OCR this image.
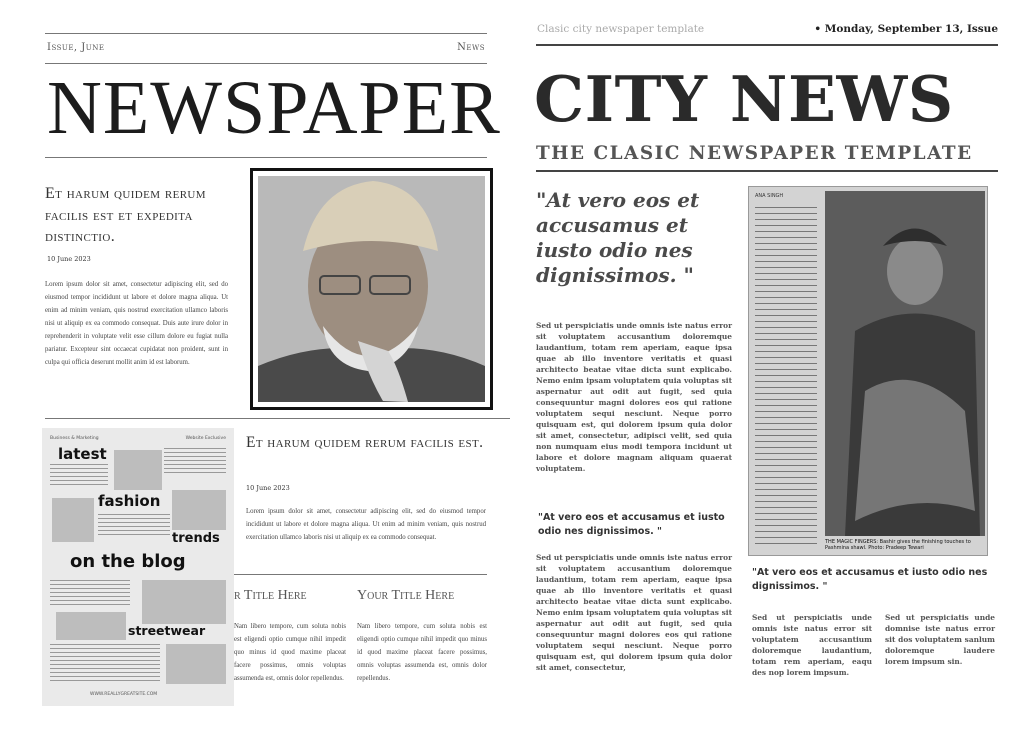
Issue, June	News
NEWSPAPER
Et harum quidem rerum facilis est et expedita distinctio.
10 June 2023
Lorem ipsum dolor sit amet, consectetur adipiscing elit, sed do eiusmod tempor incididunt ut labore et dolore magna aliqua. Ut enim ad minim veniam, quis nostrud exercitation ullamco laboris nisi ut aliquip ex ea commodo consequat. Duis aute irure dolor in reprehenderit in voluptate velit esse cillum dolore eu fugiat nulla pariatur. Excepteur sint occaecat cupidatat non proident, sunt in culpa qui officia deserunt mollit anim id est laborum.
Business & Marketing	Website Exclusive
latest
fashion
trends
on the blog
streetwear
WWW.REALLYGREATSITE.COM
Et harum quidem rerum facilis est.
10 June 2023
Lorem ipsum dolor sit amet, consectetur adipiscing elit, sed do eiusmod tempor incididunt ut labore et dolore magna aliqua. Ut enim ad minim veniam, quis nostrud exercitation ullamco laboris nisi ut aliquip ex ea commodo consequat.
r Title Here	Your Title Here
Nam libero tempore, cum soluta nobis est eligendi optio cumque nihil impedit quo minus id quod maxime placeat facere possimus, omnis voluptas assumenda est, omnis dolor repellendus.
Nam libero tempore, cum soluta nobis est eligendi optio cumque nihil impedit quo minus id quod maxime placeat facere possimus, omnis voluptas assumenda est, omnis dolor repellendus.
Clasic city newspaper template	• Monday, September 13, Issue
CITY NEWS
THE CLASIC NEWSPAPER TEMPLATE
"At vero eos et accusamus et iusto odio nes dignissimos. "
Sed ut perspiciatis unde omnis iste natus error sit voluptatem accusantium doloremque laudantium, totam rem aperiam, eaque ipsa quae ab illo inventore veritatis et quasi architecto beatae vitae dicta sunt explicabo. Nemo enim ipsam voluptatem quia voluptas sit aspernatur aut odit aut fugit, sed quia consequuntur magni dolores eos qui ratione voluptatem sequi nesciunt. Neque porro quisquam est, qui dolorem ipsum quia dolor sit amet, consectetur, adipisci velit, sed quia non numquam eius modi tempora incidunt ut labore et dolore magnam aliquam quaerat voluptatem.
"At vero eos et accusamus et iusto odio nes dignissimos. "
Sed ut perspiciatis unde omnis iste natus error sit voluptatem accusantium doloremque laudantium, totam rem aperiam, eaque ipsa quae ab illo inventore veritatis et quasi architecto beatae vitae dicta sunt explicabo. Nemo enim ipsam voluptatem quia voluptas sit aspernatur aut odit aut fugit, sed quia consequuntur magni dolores eos qui ratione voluptatem sequi nesciunt. Neque porro quisquam est, qui dolorem ipsum quia dolor sit amet, consectetur,
ANA SINGH
THE MAGIC FINGERS: Bashir gives the finishing touches to Pashmina shawl. Photo: Pradeep Tewari
"At vero eos et accusamus et iusto odio nes dignissimos. "
Sed ut perspiciatis unde omnis iste natus error sit voluptatem accusantium doloremque laudantium, totam rem aperiam, eaqu des nop lorem impsum.
Sed ut perspiciatis unde domnise iste natus error sit dos voluptatem sanlum doloremque laudere lorem impsum sin.
